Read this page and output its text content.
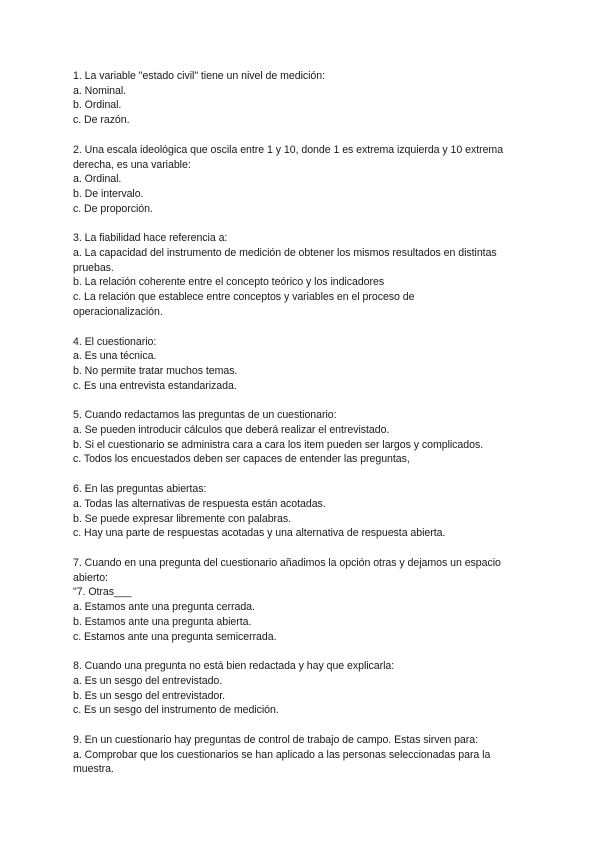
1. La variable "estado civil" tiene un nivel de medición:
a. Nominal.
b. Ordinal.
c. De razón.
2. Una escala ideológica que oscila entre 1 y 10, donde 1 es extrema izquierda y 10 extrema
derecha, es una variable:
a. Ordinal.
b. De intervalo.
c. De proporción.
3. La fiabilidad hace referencia a:
a. La capacidad del instrumento de medición de obtener los mismos resultados en distintas
pruebas.
b. La relación coherente entre el concepto teórico y los indicadores
c. La relación que establece entre conceptos y variables en el proceso de
operacionalización.
4. El cuestionario:
a. Es una técnica.
b. No permite tratar muchos temas.
c. Es una entrevista estandarizada.
5. Cuando redactamos las preguntas de un cuestionario:
a. Se pueden introducir cálculos que deberá realizar el entrevistado.
b. Si el cuestionario se administra cara a cara los item pueden ser largos y complicados.
c. Todos los encuestados deben ser capaces de entender las preguntas,
6. En las preguntas abiertas:
a. Todas las alternativas de respuesta están acotadas.
b. Se puede expresar libremente con palabras.
c. Hay una parte de respuestas acotadas y una alternativa de respuesta abierta.
7. Cuando en una pregunta del cuestionario añadimos la opción otras y dejamos un espacio
abierto:
"7. Otras___
a. Estamos ante una pregunta cerrada.
b. Estamos ante una pregunta abierta.
c. Estamos ante una pregunta semicerrada.
8. Cuando una pregunta no está bien redactada y hay que explicarla:
a. Es un sesgo del entrevistado.
b. Es un sesgo del entrevistador.
c. Es un sesgo del instrumento de medición.
9. En un cuestionario hay preguntas de control de trabajo de campo. Estas sirven para:
a. Comprobar que los cuestionarios se han aplicado a las personas seleccionadas para la
muestra.
